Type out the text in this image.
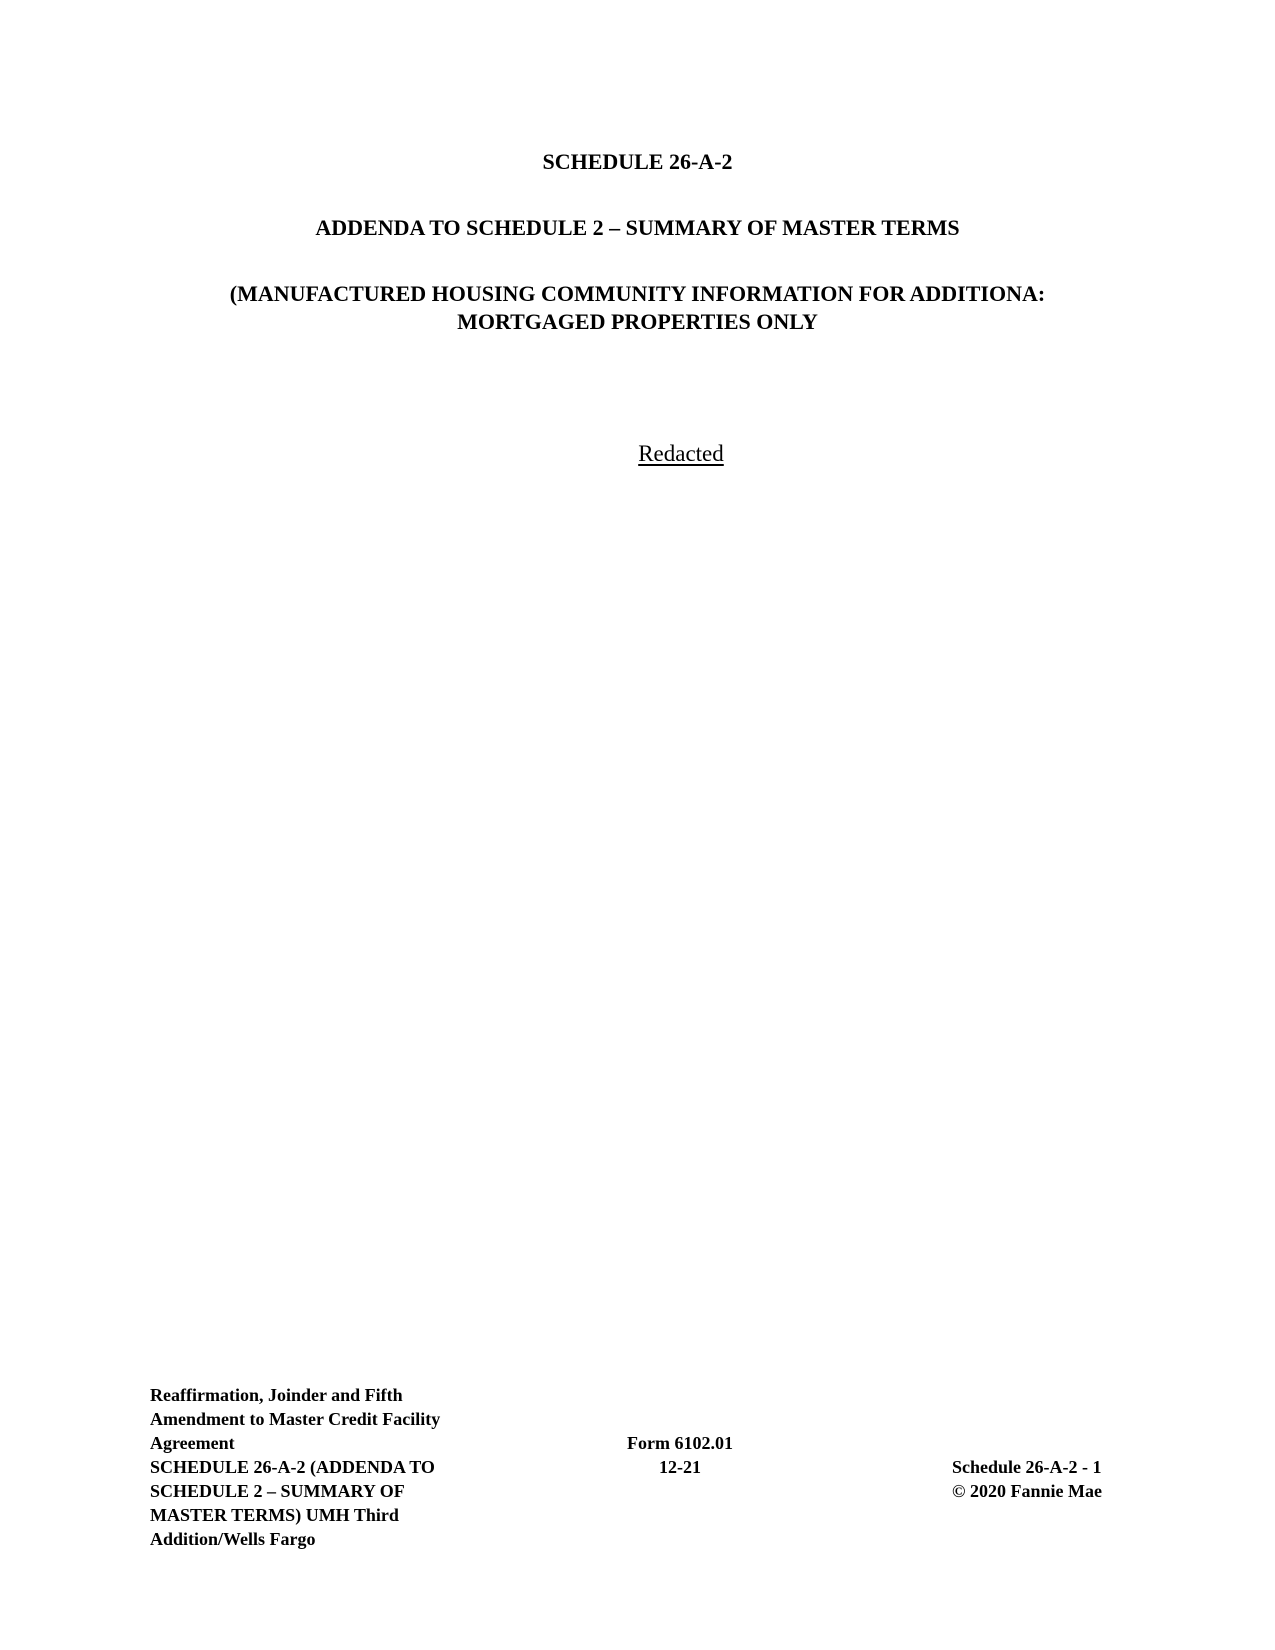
SCHEDULE 26-A-2
ADDENDA TO SCHEDULE 2 – SUMMARY OF MASTER TERMS
(MANUFACTURED HOUSING COMMUNITY INFORMATION FOR ADDITIONA:
MORTGAGED PROPERTIES ONLY
Redacted
Reaffirmation, Joinder and Fifth
Amendment to Master Credit Facility
Agreement
SCHEDULE 26-A-2 (ADDENDA TO
SCHEDULE 2 – SUMMARY OF
MASTER TERMS) UMH Third
Addition/Wells Fargo
Form 6102.01
12-21	Schedule 26-A-2 - 1
© 2020 Fannie Mae
